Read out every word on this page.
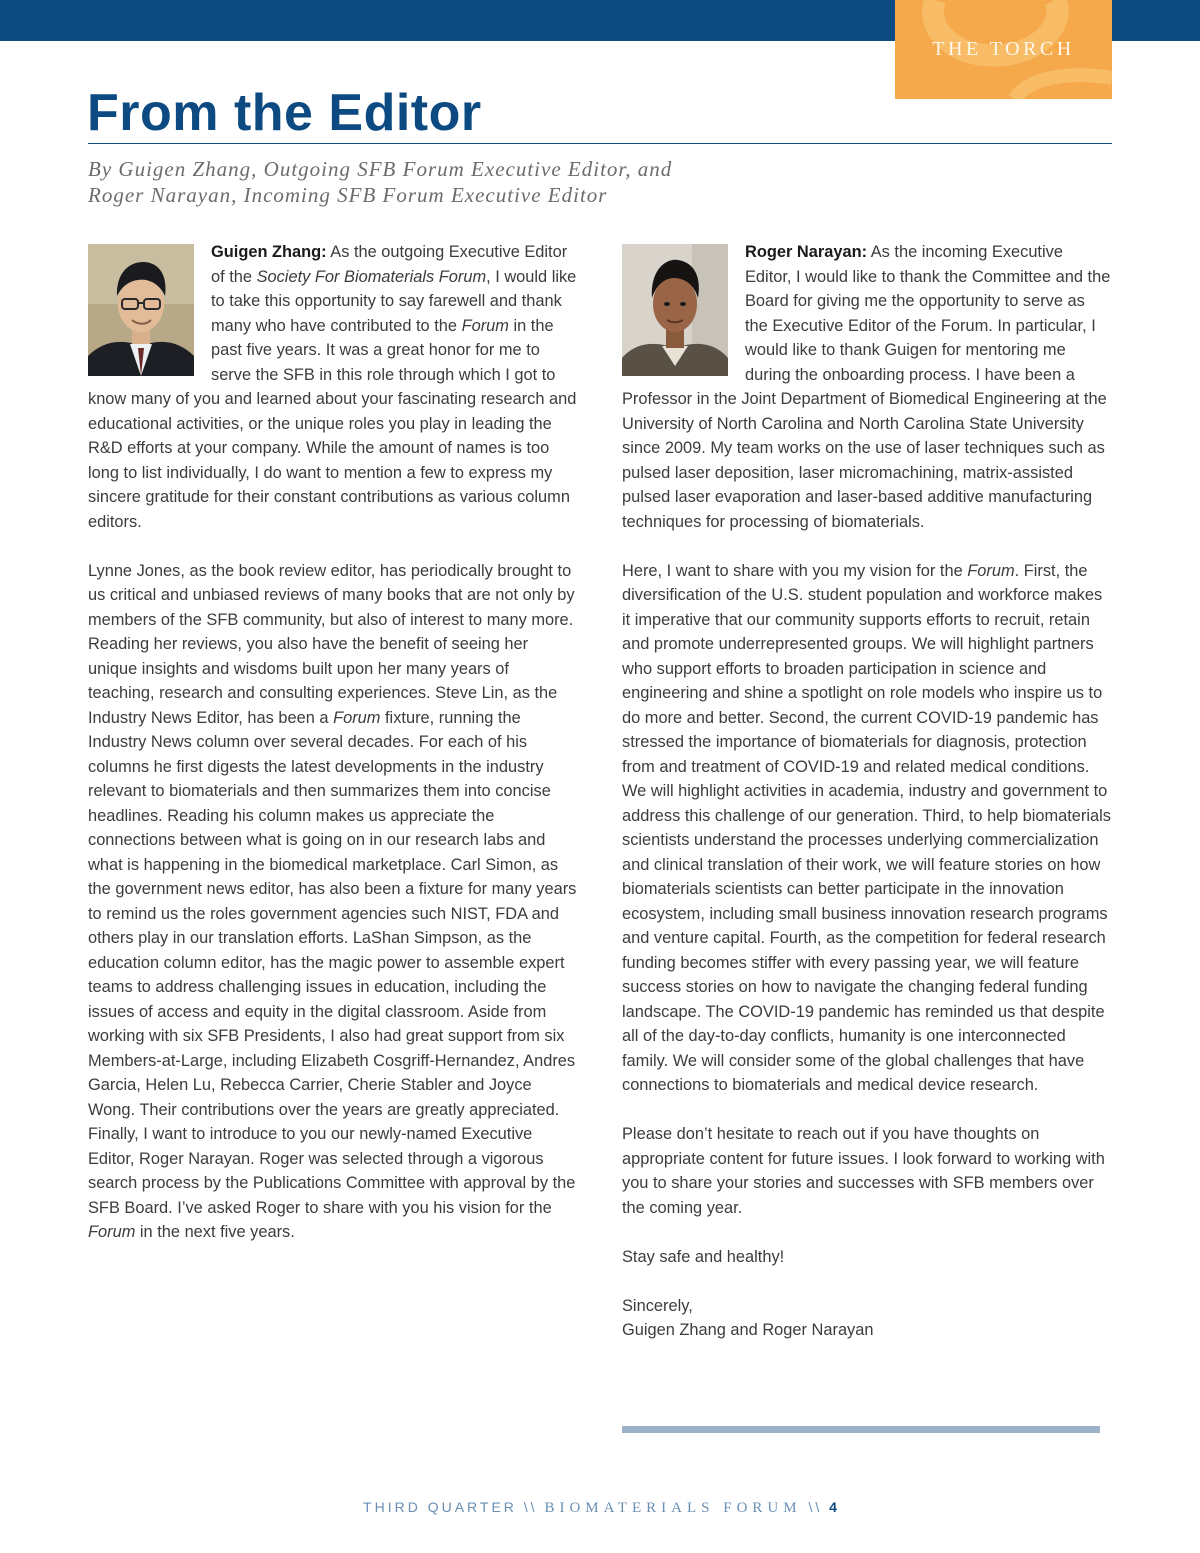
THE TORCH
From the Editor

By Guigen Zhang, Outgoing SFB Forum Executive Editor, and
Roger Narayan, Incoming SFB Forum Executive Editor

Guigen Zhang: As the outgoing Executive Editor of the Society For Biomaterials Forum, I would like to take this opportunity to say farewell and thank many who have contributed to the Forum in the past five years. It was a great honor for me to serve the SFB in this role through which I got to know many of you and learned about your fascinating research and educational activities, or the unique roles you play in leading the R&D efforts at your company. While the amount of names is too long to list individually, I do want to mention a few to express my sincere gratitude for their constant contributions as various column editors.

Lynne Jones, as the book review editor, has periodically brought to us critical and unbiased reviews of many books that are not only by members of the SFB community, but also of interest to many more. Reading her reviews, you also have the benefit of seeing her unique insights and wisdoms built upon her many years of teaching, research and consulting experiences. Steve Lin, as the Industry News Editor, has been a Forum fixture, running the Industry News column over several decades. For each of his columns he first digests the latest developments in the industry relevant to biomaterials and then summarizes them into concise headlines. Reading his column makes us appreciate the connections between what is going on in our research labs and what is happening in the biomedical marketplace. Carl Simon, as the government news editor, has also been a fixture for many years to remind us the roles government agencies such NIST, FDA and others play in our translation efforts. LaShan Simpson, as the education column editor, has the magic power to assemble expert teams to address challenging issues in education, including the issues of access and equity in the digital classroom. Aside from working with six SFB Presidents, I also had great support from six Members-at-Large, including Elizabeth Cosgriff-Hernandez, Andres Garcia, Helen Lu, Rebecca Carrier, Cherie Stabler and Joyce Wong. Their contributions over the years are greatly appreciated. Finally, I want to introduce to you our newly-named Executive Editor, Roger Narayan. Roger was selected through a vigorous search process by the Publications Committee with approval by the SFB Board. I’ve asked Roger to share with you his vision for the Forum in the next five years.

Roger Narayan: As the incoming Executive Editor, I would like to thank the Committee and the Board for giving me the opportunity to serve as the Executive Editor of the Forum. In particular, I would like to thank Guigen for mentoring me during the onboarding process. I have been a Professor in the Joint Department of Biomedical Engineering at the University of North Carolina and North Carolina State University since 2009. My team works on the use of laser techniques such as pulsed laser deposition, laser micromachining, matrix-assisted pulsed laser evaporation and laser-based additive manufacturing techniques for processing of biomaterials.

Here, I want to share with you my vision for the Forum. First, the diversification of the U.S. student population and workforce makes it imperative that our community supports efforts to recruit, retain and promote underrepresented groups. We will highlight partners who support efforts to broaden participation in science and engineering and shine a spotlight on role models who inspire us to do more and better. Second, the current COVID-19 pandemic has stressed the importance of biomaterials for diagnosis, protection from and treatment of COVID-19 and related medical conditions. We will highlight activities in academia, industry and government to address this challenge of our generation. Third, to help biomaterials scientists understand the processes underlying commercialization and clinical translation of their work, we will feature stories on how biomaterials scientists can better participate in the innovation ecosystem, including small business innovation research programs and venture capital. Fourth, as the competition for federal research funding becomes stiffer with every passing year, we will feature success stories on how to navigate the changing federal funding landscape. The COVID-19 pandemic has reminded us that despite all of the day-to-day conflicts, humanity is one interconnected family. We will consider some of the global challenges that have connections to biomaterials and medical device research.

Please don’t hesitate to reach out if you have thoughts on appropriate content for future issues. I look forward to working with you to share your stories and successes with SFB members over the coming year.

Stay safe and healthy!

Sincerely,
Guigen Zhang and Roger Narayan

THIRD QUARTER \\ BIOMATERIALS FORUM \\ 4
